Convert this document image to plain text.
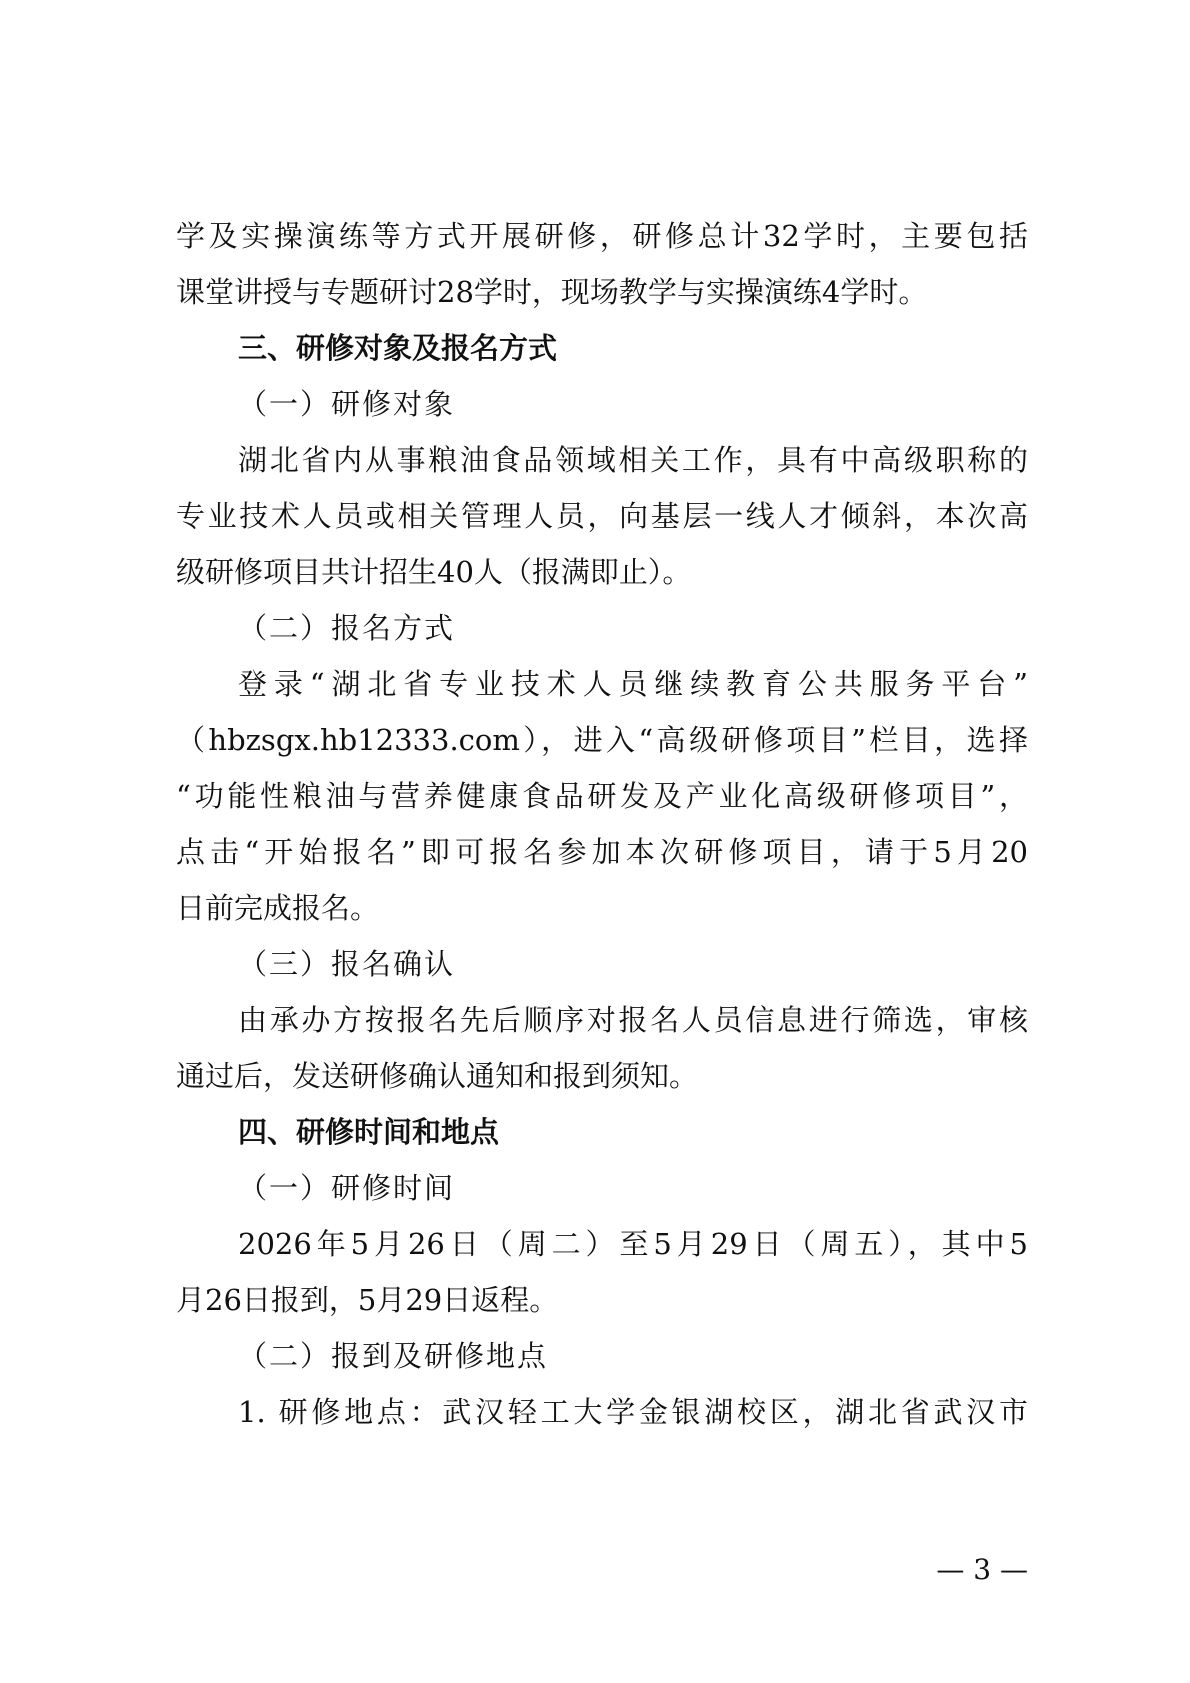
学及实操演练等方式开展研修，研修总计32学时，主要包括
课堂讲授与专题研讨28学时，现场教学与实操演练4学时。
三、研修对象及报名方式
（一）研修对象
湖北省内从事粮油食品领域相关工作，具有中高级职称的
专业技术人员或相关管理人员，向基层一线人才倾斜，本次高
级研修项目共计招生40人（报满即止）。
（二）报名方式
登录“湖北省专业技术人员继续教育公共服务平台”
（hbzsgx.hb12333.com），进入“高级研修项目”栏目，选择
“功能性粮油与营养健康食品研发及产业化高级研修项目”，
点击“开始报名”即可报名参加本次研修项目，请于5月20
日前完成报名。
（三）报名确认
由承办方按报名先后顺序对报名人员信息进行筛选，审核
通过后，发送研修确认通知和报到须知。
四、研修时间和地点
（一）研修时间
2026年5月26日（周二）至5月29日（周五），其中5
月26日报到，5月29日返程。
（二）报到及研修地点
1. 研修地点：武汉轻工大学金银湖校区，湖北省武汉市
— 3 —
